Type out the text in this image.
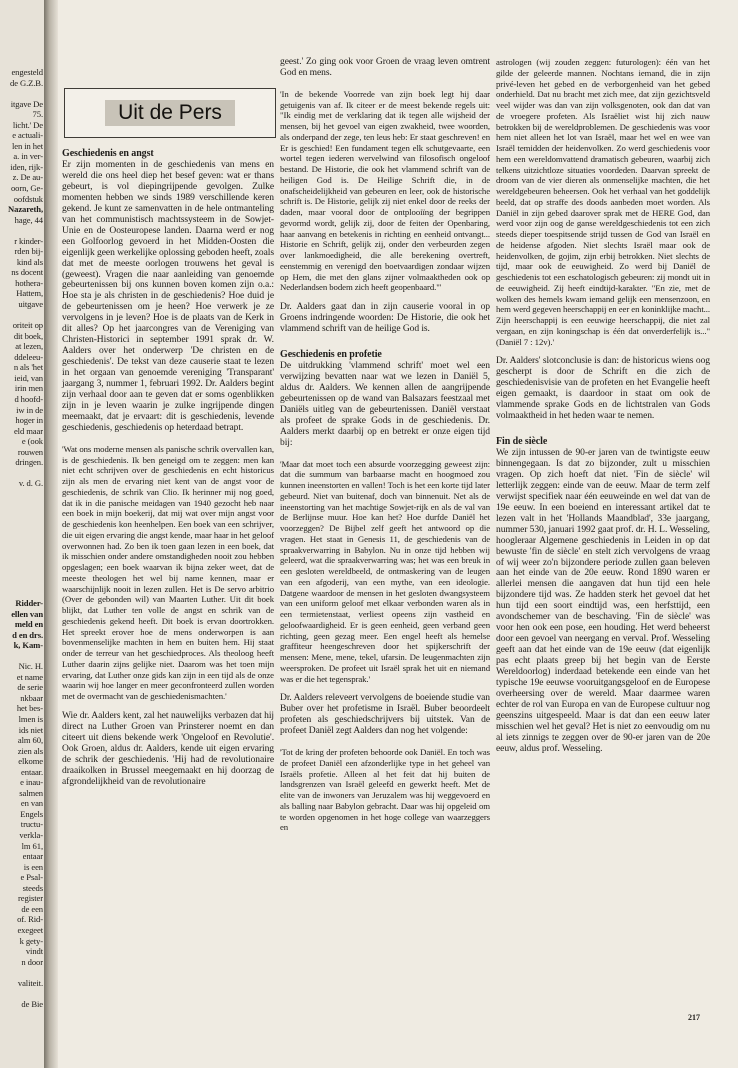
engesteld
de G.Z.B.
itgave De
75.
licht.' De
e actuali-
len in het
a. in ver-
iden, rijk-
z. De au-
oorn, Ge-
oofdstuk
Nazareth,
hage, 44
r kinder-
rden bij-
kind als
ns docent
hothera-
Hattem,
uitgave
oriteit op
dit boek,
at lezen,
ddeleeu-
n als 'het
ieid, van
irin men
d hoofd-
iw in de
hoger in
eld maar
e (ook
rouwen
dringen.
v. d. G.
Ridder-
ellen van
meld en
d en drs.
k, Kam-
Nic. H.
et name
de serie
nkbaar
het bes-
lmen is
ids niet
alm 60,
zien als
elkome
entaar.
e inau-
salmen
en van
Engels
tructu-
verkla-
lm 61,
entaar
is een
e Psal-
steeds
register
de een
of. Rid-
exegeet
k gety-
vindt
n door
valiteit.
de Bie
Uit de Pers
Geschiedenis en angst

Er zijn momenten in de geschiedenis van mens en wereld die ons heel diep het besef geven: wat er thans gebeurt, is vol diepingrijpende gevolgen. Zulke momenten hebben we sinds 1989 verschillende keren gekend. Je kunt ze samenvatten in de hele ontmanteling van het communistisch machtssysteem in de Sowjet-Unie en de Oosteuropese landen. Daarna werd er nog een Golfoorlog gevoerd in het Midden-Oosten die eigenlijk geen werkelijke oplossing geboden heeft, zoals dat met de meeste oorlogen trouwens het geval is (geweest). Vragen die naar aanleiding van genoemde gebeurtenissen bij ons kunnen boven komen zijn o.a.: Hoe sta je als christen in de geschiedenis? Hoe duid je de gebeurtenissen om je heen? Hoe verwerk je ze vervolgens in je leven? Hoe is de plaats van de Kerk in dit alles? Op het jaarcongres van de Vereniging van Christen-Historici in september 1991 sprak dr. W. Aalders over het onderwerp 'De christen en de geschiedenis'. De tekst van deze causerie staat te lezen in het orgaan van genoemde vereniging 'Transparant' jaargang 3, nummer 1, februari 1992. Dr. Aalders begint zijn verhaal door aan te geven dat er soms ogenblikken zijn in je leven waarin je zulke ingrijpende dingen meemaakt, dat je ervaart: dit is geschiedenis, levende geschiedenis, geschiedenis op heterdaad betrapt.

'Wat ons moderne mensen als panische schrik overvallen kan, is de geschiedenis. Ik ben geneigd om te zeggen: men kan niet echt schrijven over de geschiedenis en echt historicus zijn als men de ervaring niet kent van de angst voor de geschiedenis, de schrik van Clio. Ik herinner mij nog goed, dat ik in die panische meidagen van 1940 gezocht heb naar een boek in mijn boekerij, dat mij wat over mijn angst voor de geschiedenis kon heenhelpen. Een boek van een schrijver, die uit eigen ervaring die angst kende, maar haar in het geloof overwonnen had. Zo ben ik toen gaan lezen in een boek, dat ik misschien onder andere omstandigheden nooit zou hebben opgeslagen; een boek waarvan ik bijna zeker weet, dat de meeste theologen het wel bij name kennen, maar er waarschijnlijk nooit in lezen zullen. Het is De servo arbitrio (Over de gebonden wil) van Maarten Luther. Uit dit boek blijkt, dat Luther ten volle de angst en schrik van de geschiedenis gekend heeft. Dit boek is ervan doortrokken. Het spreekt erover hoe de mens onderworpen is aan bovenmenselijke machten in hem en buiten hem. Hij staat onder de terreur van het geschiedproces. Als theoloog heeft Luther daarin zijns gelijke niet. Daarom was het toen mijn ervaring, dat Luther onze gids kan zijn in een tijd als de onze waarin wij hoe langer en meer geconfronteerd zullen worden met de overmacht van de geschiedenismachten.'

Wie dr. Aalders kent, zal het nauwelijks verbazen dat hij direct na Luther Groen van Prinsterer noemt en dan citeert uit diens bekende werk 'Ongeloof en Revolutie'. Ook Groen, aldus dr. Aalders, kende uit eigen ervaring de schrik der geschiedenis. 'Hij had de revolutionaire draaikolken in Brussel meegemaakt en hij doorzag de afgrondelijkheid van de revolutionaire

geest.' Zo ging ook voor Groen de vraag leven omtrent God en mens.

'In de bekende Voorrede van zijn boek legt hij daar getuigenis van af. Ik citeer er de meest bekende regels uit: "Ik eindig met de verklaring dat ik tegen alle wijsheid der mensen, bij het gevoel van eigen zwakheid, twee woorden, als onderpand der zege, ten leus heb: Er staat geschreven! en Er is geschied! Een fundament tegen elk schutgevaarte, een wortel tegen iederen wervelwind van filosofisch ongeloof bestand. De Historie, die ook het vlammend schrift van de heiligen God is. De Heilige Schrift die, in de onafscheidelijkheid van gebeuren en leer, ook de historische schrift is. De Historie, gelijk zij niet enkel door de reeks der daden, maar vooral door de ontplooiïng der begrippen gevormd wordt, gelijk zij, door de feiten der Openbaring, haar aanvang en betekenis in richting en eenheid ontvangt... Historie en Schrift, gelijk zij, onder den verbeurden zegen over lankmoedigheid, die alle berekening overtreft, eenstemmig en verenigd den boetvaardigen zondaar wijzen op Hem, die met den glans zijner volmaaktheden ook op Nederlandsen bodem zich heeft geopenbaard."'

Dr. Aalders gaat dan in zijn causerie vooral in op Groens indringende woorden: De Historie, die ook het vlammend schrift van de heilige God is.

Geschiedenis en profetie

De uitdrukking 'vlammend schrift' moet wel een verwijzing bevatten naar wat we lezen in Daniël 5, aldus dr. Aalders. We kennen allen de aangrijpende gebeurtenissen op de wand van Balsazars feestzaal met Daniëls uitleg van de gebeurtenissen. Daniël verstaat als profeet de sprake Gods in de geschiedenis. Dr. Aalders merkt daarbij op en betrekt er onze eigen tijd bij:

'Maar dat moet toch een absurde voorzegging geweest zijn: dat die summum van barbaarse macht en hoogmoed zou kunnen ineenstorten en vallen! Toch is het een korte tijd later gebeurd. Niet van buitenaf, doch van binnenuit. Net als de ineenstorting van het machtige Sowjet-rijk en als de val van de Berlijnse muur. Hoe kan het? Hoe durfde Daniël het voorzeggen? De Bijbel zelf geeft het antwoord op die vragen. Het staat in Genesis 11, de geschiedenis van de spraakverwarring in Babylon. Nu in onze tijd hebben wij geleerd, wat die spraakverwarring was; het was een breuk in een gesloten wereldbeeld, de ontmaskering van de leugen van een afgoderij, van een mythe, van een ideologie. Datgene waardoor de mensen in het gesloten dwangsysteem van een uniform geloof met elkaar verbonden waren als in een termietenstaat, verliest opeens zijn vastheid en geloofwaardigheid. Er is geen eenheid, geen verband geen richting, geen gezag meer. Een engel heeft als hemelse graffiteur heengeschreven door het spijkerschrift der mensen: Mene, mene, tekel, ufarsin. De leugenmachten zijn weersproken. De profeet uit Israël sprak het uit en niemand was er die het tegensprak.'

Dr. Aalders releveert vervolgens de boeiende studie van Buber over het profetisme in Israël. Buber beoordeelt profeten als geschiedschrijvers bij uitstek. Van de profeet Daniël zegt Aalders dan nog het volgende:

'Tot de kring der profeten behoorde ook Daniël. En toch was de profeet Daniël een afzonderlijke type in het geheel van Israëls profetie. Alleen al het feit dat hij buiten de landsgrenzen van Israël geleefd en gewerkt heeft. Met de elite van de inwoners van Jeruzalem was hij weggevoerd en als balling naar Babylon gebracht. Daar was hij opgeleid om te worden opgenomen in het hoge college van waarzeggers en

astrologen (wij zouden zeggen: futurologen): één van het gilde der geleerde mannen. Nochtans iemand, die in zijn privé-leven het gebed en de verborgenheid van het gebed onderhield. Dat nu bracht met zich mee, dat zijn gezichtsveld veel wijder was dan van zijn volksgenoten, ook dan dat van de vroegere profeten. Als Israëliet wist hij zich nauw betrokken bij de wereldproblemen. De geschiedenis was voor hem niet alleen het lot van Israël, maar het wel en wee van Israël temidden der heidenvolken. Zo werd geschiedenis voor hem een wereldomvattend dramatisch gebeuren, waarbij zich telkens uitzichtloze situaties voordeden. Daarvan spreekt de droom van de vier dieren als onmenselijke machten, die het wereldgebeuren beheersen. Ook het verhaal van het goddelijk beeld, dat op straffe des doods aanbeden moet worden. Als Daniël in zijn gebed daarover sprak met de HERE God, dan werd voor zijn oog de ganse wereldgeschiedenis tot een zich steeds dieper toespitsende strijd tussen de God van Israël en de heidense afgoden. Niet slechts Israël maar ook de heidenvolken, de gojim, zijn erbij betrokken. Niet slechts de tijd, maar ook de eeuwigheid. Zo werd bij Daniël de geschiedenis tot een eschatologisch gebeuren: zij mondt uit in de eeuwigheid. Zij heeft eindtijd-karakter. "En zie, met de wolken des hemels kwam iemand gelijk een mensenzoon, en hem werd gegeven heerschappij en eer en koninklijke macht... Zijn heerschappij is een eeuwige heerschappij, die niet zal vergaan, en zijn koningschap is één dat onverderfelijk is..." (Daniël 7 : 12v).'

Dr. Aalders' slotconclusie is dan: de historicus wiens oog gescherpt is door de Schrift en die zich de geschiedenisvisie van de profeten en het Evangelie heeft eigen gemaakt, is daardoor in staat om ook de vlammende sprake Gods en de lichtstralen van Gods volmaaktheid in het heden waar te nemen.

Fin de siècle

We zijn intussen de 90-er jaren van de twintigste eeuw binnengegaan. Is dat zo bijzonder, zult u misschien vragen. Op zich hoeft dat niet. 'Fin de siècle' wil letterlijk zeggen: einde van de eeuw. Maar de term zelf verwijst specifiek naar één eeuweinde en wel dat van de 19e eeuw. In een boeiend en interessant artikel dat te lezen valt in het 'Hollands Maandblad', 33e jaargang, nummer 530, januari 1992 gaat prof. dr. H. L. Wesseling, hoogleraar Algemene geschiedenis in Leiden in op dat bewuste 'fin de siècle' en stelt zich vervolgens de vraag of wij weer zo'n bijzondere periode zullen gaan beleven aan het einde van de 20e eeuw. Rond 1890 waren er allerlei mensen die aangaven dat hun tijd een hele bijzondere tijd was. Ze hadden sterk het gevoel dat het hun tijd een soort eindtijd was, een herfsttijd, een avondschemer van de beschaving. 'Fin de siècle' was voor hen ook een pose, een houding. Het werd beheerst door een gevoel van neergang en verval. Prof. Wesseling geeft aan dat het einde van de 19e eeuw (dat eigenlijk pas echt plaats greep bij het begin van de Eerste Wereldoorlog) inderdaad betekende een einde van het typische 19e eeuwse vooruitgangsgeloof en de Europese overheersing over de wereld. Maar daarmee waren echter de rol van Europa en van de Europese cultuur nog geenszins uitgespeeld. Maar is dat dan een eeuw later misschien wel het geval? Het is niet zo eenvoudig om nu al iets zinnigs te zeggen over de 90-er jaren van de 20e eeuw, aldus prof. Wesseling.

217
